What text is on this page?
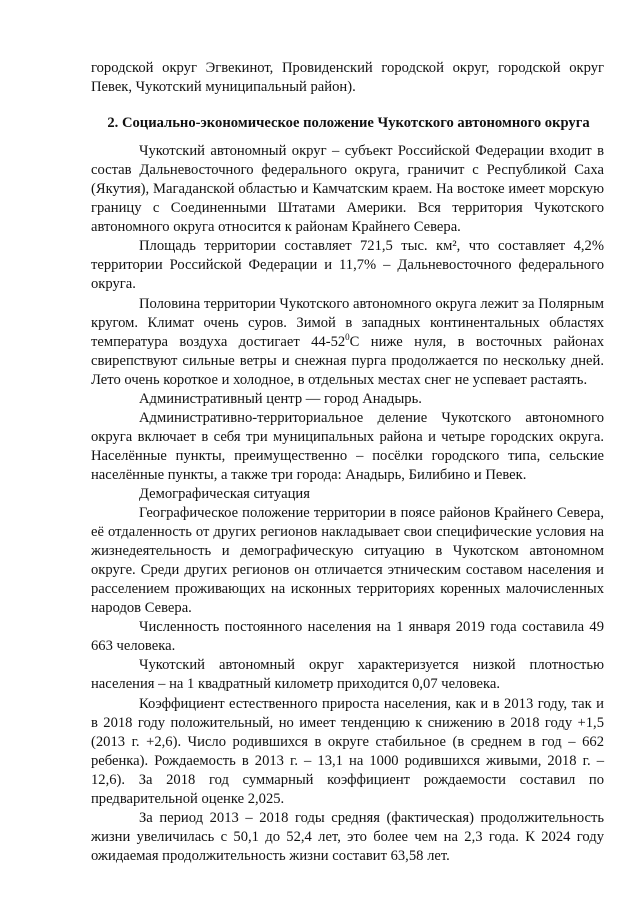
городской округ Эгвекинот, Провиденский городской округ, городской округ Певек, Чукотский муниципальный район).

2. Социально-экономическое положение Чукотского автономного округа

Чукотский автономный округ – субъект Российской Федерации входит в состав Дальневосточного федерального округа, граничит с Республикой Саха (Якутия), Магаданской областью и Камчатским краем. На востоке имеет морскую границу с Соединенными Штатами Америки. Вся территория Чукотского автономного округа относится к районам Крайнего Севера.

Площадь территории составляет 721,5 тыс. км², что составляет 4,2% территории Российской Федерации и 11,7% – Дальневосточного федерального округа.

Половина территории Чукотского автономного округа лежит за Полярным кругом. Климат очень суров. Зимой в западных континентальных областях температура воздуха достигает $44-52^0С$ ниже нуля, в восточных районах свирепствуют сильные ветры и снежная пурга продолжается по нескольку дней. Лето очень короткое и холодное, в отдельных местах снег не успевает растаять.

Административный центр — город Анадырь.

Административно-территориальное деление Чукотского автономного округа включает в себя три муниципальных района и четыре городских округа. Населённые пункты, преимущественно – посёлки городского типа, сельские населённые пункты, а также три города: Анадырь, Билибино и Певек.

Демографическая ситуация

Географическое положение территории в поясе районов Крайнего Севера, её отдаленность от других регионов накладывает свои специфические условия на жизнедеятельность и демографическую ситуацию в Чукотском автономном округе. Среди других регионов он отличается этническим составом населения и расселением проживающих на исконных территориях коренных малочисленных народов Севера.

Численность постоянного населения на 1 января 2019 года составила 49 663 человека.

Чукотский автономный округ характеризуется низкой плотностью населения – на 1 квадратный километр приходится 0,07 человека.

Коэффициент естественного прироста населения, как и в 2013 году, так и в 2018 году положительный, но имеет тенденцию к снижению в 2018 году +1,5 (2013 г. +2,6). Число родившихся в округе стабильное (в среднем в год – 662 ребенка). Рождаемость в 2013 г. – 13,1 на 1000 родившихся живыми, 2018 г. – 12,6). За 2018 год суммарный коэффициент рождаемости составил по предварительной оценке 2,025.

За период 2013 – 2018 годы средняя (фактическая) продолжительность жизни увеличилась с 50,1 до 52,4 лет, это более чем на 2,3 года. К 2024 году ожидаемая продолжительность жизни составит 63,58 лет.
